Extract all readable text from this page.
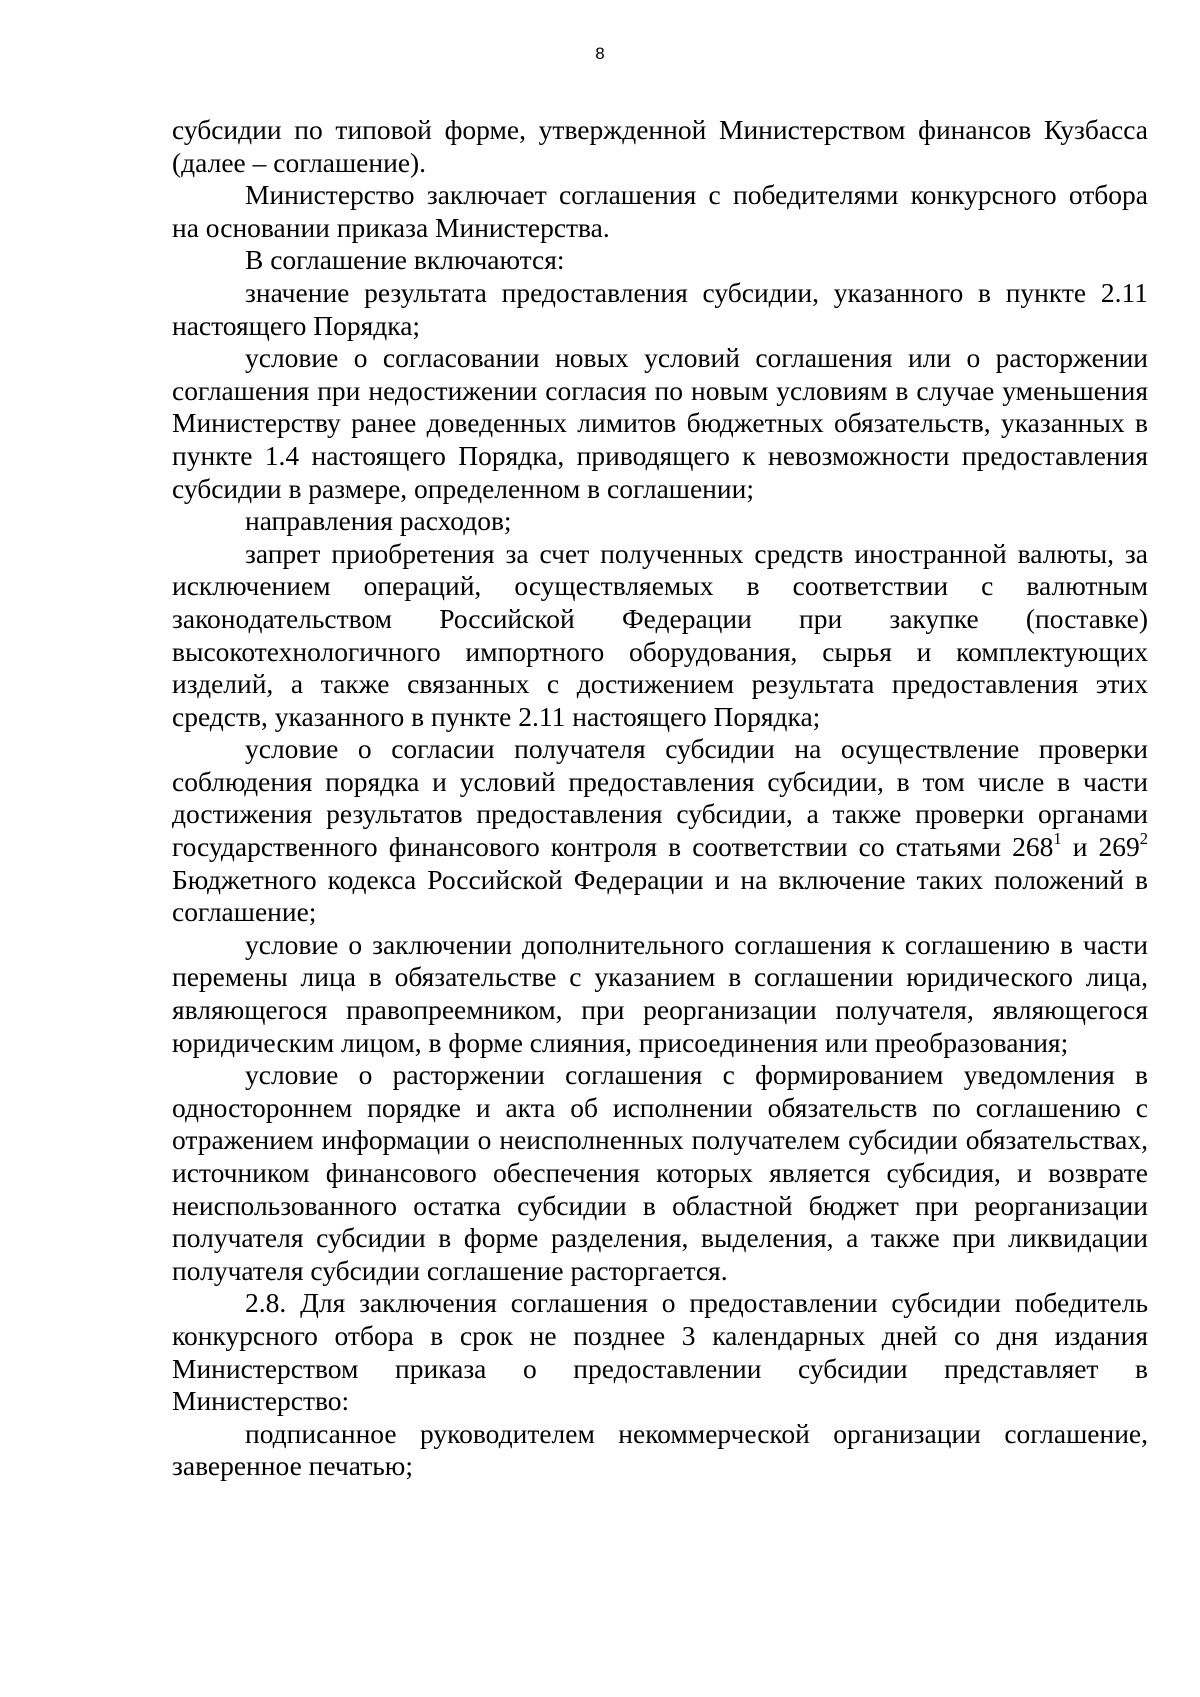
8

субсидии по типовой форме, утвержденной Министерством финансов Кузбасса (далее – соглашение).

Министерство заключает соглашения с победителями конкурсного отбора на основании приказа Министерства.

В соглашение включаются:

значение результата предоставления субсидии, указанного в пункте 2.11 настоящего Порядка;

условие о согласовании новых условий соглашения или о расторжении соглашения при недостижении согласия по новым условиям в случае уменьшения Министерству ранее доведенных лимитов бюджетных обязательств, указанных в пункте 1.4 настоящего Порядка, приводящего к невозможности предоставления субсидии в размере, определенном в соглашении;

направления расходов;

запрет приобретения за счет полученных средств иностранной валюты, за исключением операций, осуществляемых в соответствии с валютным законодательством Российской Федерации при закупке (поставке) высокотехнологичного импортного оборудования, сырья и комплектующих изделий, а также связанных с достижением результата предоставления этих средств, указанного в пункте 2.11 настоящего Порядка;

условие о согласии получателя субсидии на осуществление проверки соблюдения порядка и условий предоставления субсидии, в том числе в части достижения результатов предоставления субсидии, а также проверки органами государственного финансового контроля в соответствии со статьями $268^1$ и $269^2$ Бюджетного кодекса Российской Федерации и на включение таких положений в соглашение;

условие о заключении дополнительного соглашения к соглашению в части перемены лица в обязательстве с указанием в соглашении юридического лица, являющегося правопреемником, при реорганизации получателя, являющегося юридическим лицом, в форме слияния, присоединения или преобразования;

условие о расторжении соглашения с формированием уведомления в одностороннем порядке и акта об исполнении обязательств по соглашению с отражением информации о неисполненных получателем субсидии обязательствах, источником финансового обеспечения которых является субсидия, и возврате неиспользованного остатка субсидии в областной бюджет при реорганизации получателя субсидии в форме разделения, выделения, а также при ликвидации получателя субсидии соглашение расторгается.

2.8. Для заключения соглашения о предоставлении субсидии победитель конкурсного отбора в срок не позднее 3 календарных дней со дня издания Министерством приказа о предоставлении субсидии представляет в Министерство:

подписанное руководителем некоммерческой организации соглашение, заверенное печатью;
